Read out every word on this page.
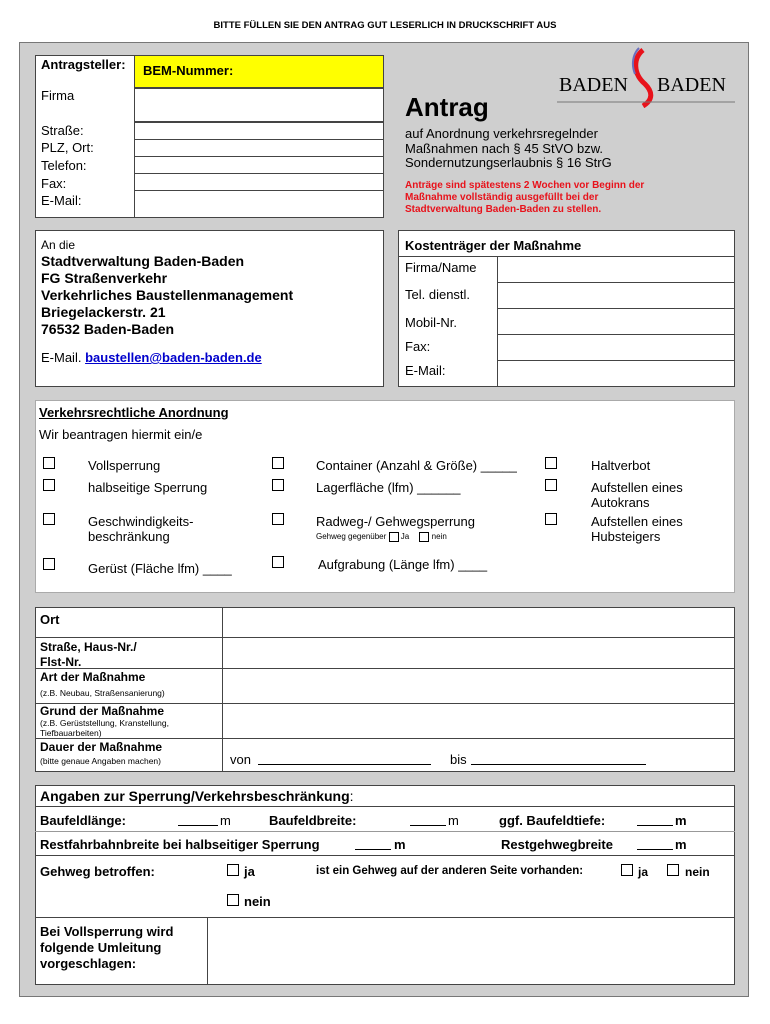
BITTE FÜLLEN SIE DEN ANTRAG GUT LESERLICH IN DRUCKSCHRIFT AUS
Antragsteller:	BEM-Nummer:
Firma
Straße:
PLZ, Ort:
Telefon:
Fax:
E-Mail:
BADEN BADEN
Antrag
auf Anordnung verkehrsregelnder
Maßnahmen nach § 45 StVO bzw.
Sondernutzungserlaubnis § 16 StrG
Anträge sind spätestens 2 Wochen vor Beginn der
Maßnahme vollständig ausgefüllt bei der
Stadtverwaltung Baden-Baden zu stellen.
An die
Stadtverwaltung Baden-Baden
FG Straßenverkehr
Verkehrliches Baustellenmanagement
Briegelackerstr. 21
76532 Baden-Baden
E-Mail. baustellen@baden-baden.de
Kostenträger der Maßnahme
Firma/Name
Tel. dienstl.
Mobil-Nr.
Fax:
E-Mail:
Verkehrsrechtliche Anordnung
Wir beantragen hiermit ein/e
Vollsperrung
halbseitige Sperrung
Geschwindigkeits-
beschränkung
Gerüst (Fläche lfm) ____
Container (Anzahl & Größe) _____
Lagerfläche (lfm) ______
Radweg-/ Gehwegsperrung
Gehweg gegenüber Ja	nein
Aufgrabung (Länge lfm) ____
Haltverbot
Aufstellen eines
Autokrans
Aufstellen eines
Hubsteigers
Ort
Straße, Haus-Nr./
Flst-Nr.
Art der Maßnahme
(z.B. Neubau, Straßensanierung)
Grund der Maßnahme
(z.B. Gerüststellung, Kranstellung,
Tiefbauarbeiten)
Dauer der Maßnahme
(bitte genaue Angaben machen)	von	bis
Angaben zur Sperrung/Verkehrsbeschränkung:
Baufeldlänge:	m	Baufeldbreite:	m	ggf. Baufeldtiefe:	m
Restfahrbahnbreite bei halbseitiger Sperrung	m	Restgehwegbreite	m
Gehweg betroffen:	ja
nein
ist ein Gehweg auf der anderen Seite vorhanden:	ja	nein
Bei Vollsperrung wird
folgende Umleitung
vorgeschlagen:
